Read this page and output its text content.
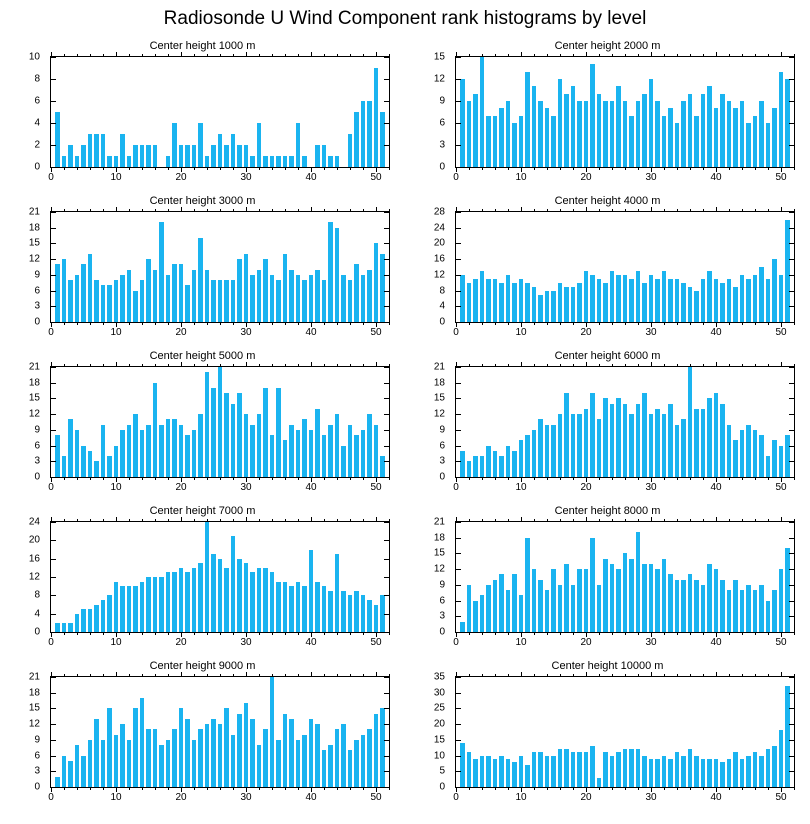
Radiosonde U Wind Component rank histograms by level
Center height 1000 m
0
2
4
6
8
10
0	10	20	30	40	50
Center height 2000 m
0
3
6
9
12
15
0	10	20	30	40	50
Center height 3000 m
0
3
6
9
12
15
18
21
0	10	20	30	40	50
Center height 4000 m
0
4
8
12
16
20
24
28
0	10	20	30	40	50
Center height 5000 m
0
3
6
9
12
15
18
21
0	10	20	30	40	50
Center height 6000 m
0
3
6
9
12
15
18
21
0	10	20	30	40	50
Center height 7000 m
0
4
8
12
16
20
24
0	10	20	30	40	50
Center height 8000 m
0
3
6
9
12
15
18
21
0	10	20	30	40	50
Center height 9000 m
0
3
6
9
12
15
18
21
0	10	20	30	40	50
Center height 10000 m
0
5
10
15
20
25
30
35
0	10	20	30	40	50
